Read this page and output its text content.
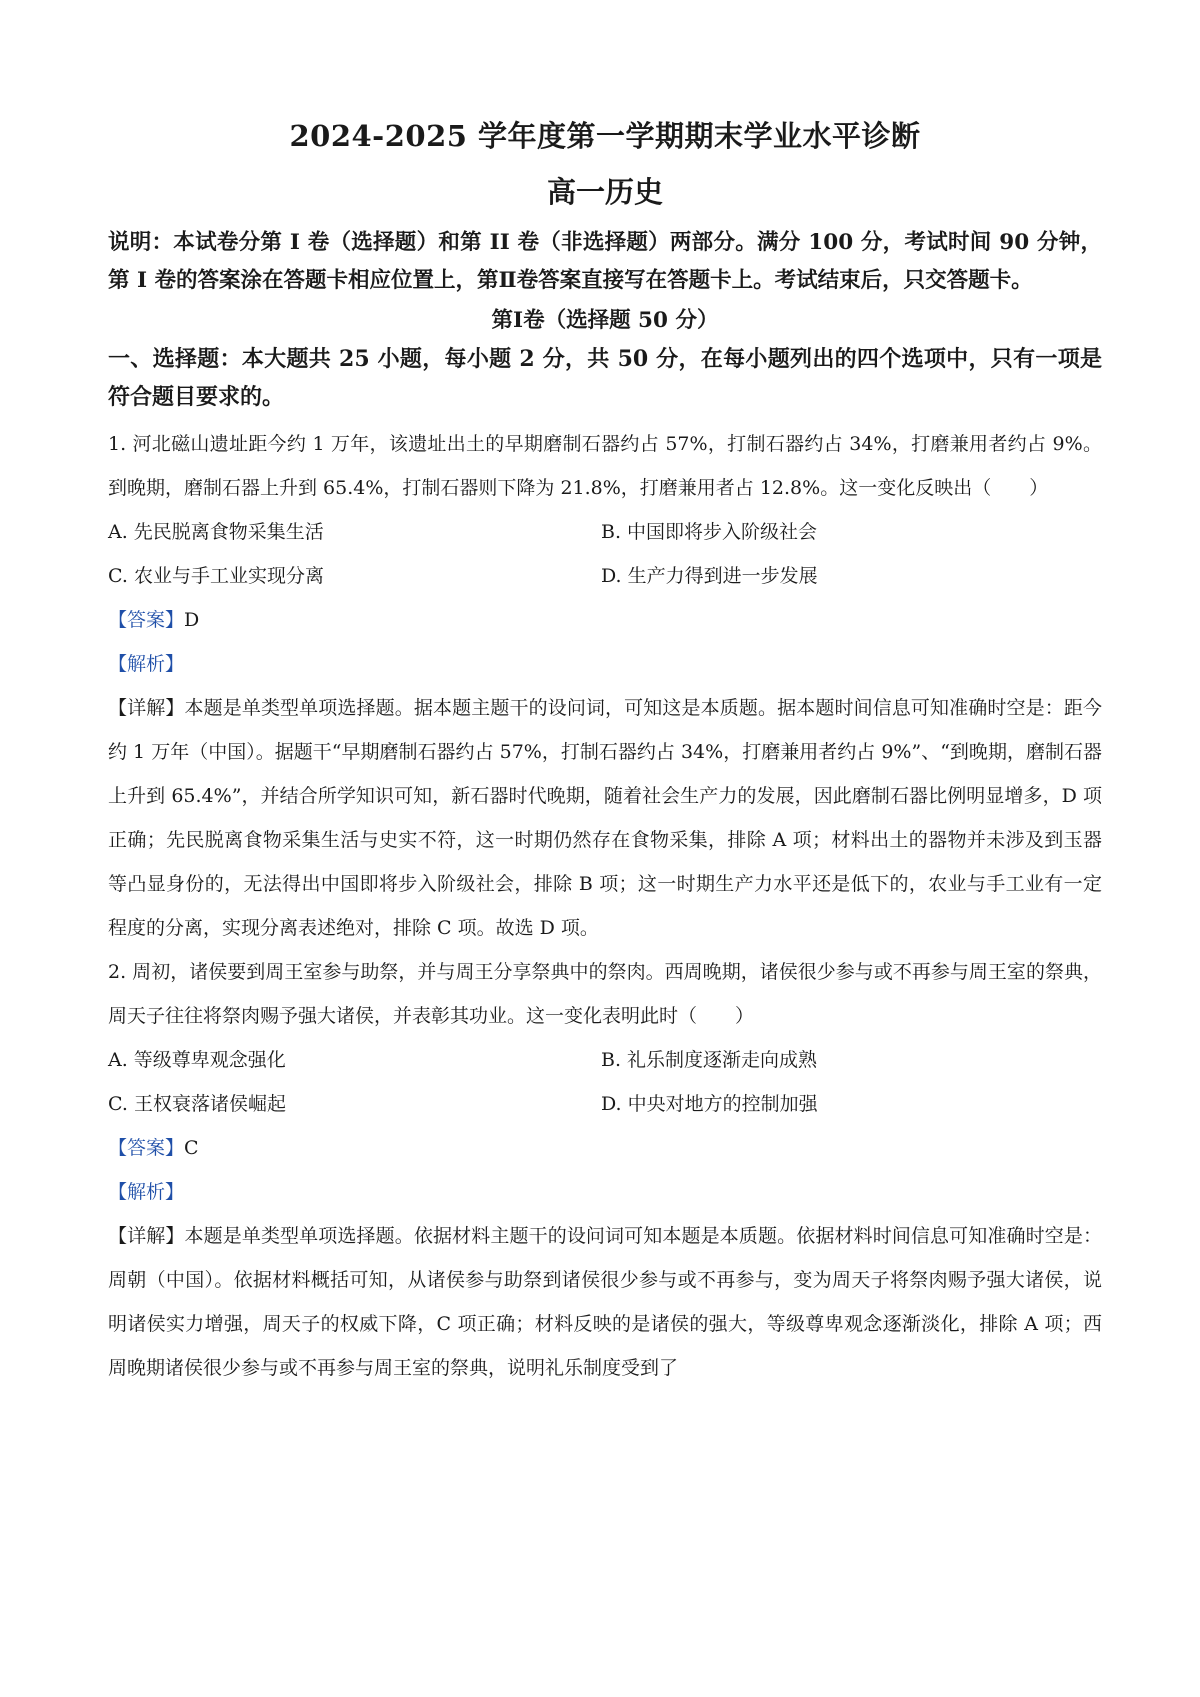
2024-2025 学年度第一学期期末学业水平诊断
高一历史

说明：本试卷分第 I 卷（选择题）和第 II 卷（非选择题）两部分。满分 100 分，考试时间 90 分钟，第 I 卷的答案涂在答题卡相应位置上，第Ⅱ卷答案直接写在答题卡上。考试结束后，只交答题卡。

第Ⅰ卷（选择题 50 分）

一、选择题：本大题共 25 小题，每小题 2 分，共 50 分，在每小题列出的四个选项中，只有一项是符合题目要求的。

1. 河北磁山遗址距今约 1 万年，该遗址出土的早期磨制石器约占 57%，打制石器约占 34%，打磨兼用者约占 9%。到晚期，磨制石器上升到 65.4%，打制石器则下降为 21.8%，打磨兼用者占 12.8%。这一变化反映出（　　）

A. 先民脱离食物采集生活	B. 中国即将步入阶级社会
C. 农业与手工业实现分离	D. 生产力得到进一步发展

【答案】D

【解析】

【详解】本题是单类型单项选择题。据本题主题干的设问词，可知这是本质题。据本题时间信息可知准确时空是：距今约 1 万年（中国）。据题干“早期磨制石器约占 57%，打制石器约占 34%，打磨兼用者约占 9%”、“到晚期，磨制石器上升到 65.4%”，并结合所学知识可知，新石器时代晚期，随着社会生产力的发展，因此磨制石器比例明显增多，D 项正确；先民脱离食物采集生活与史实不符，这一时期仍然存在食物采集，排除 A 项；材料出土的器物并未涉及到玉器等凸显身份的，无法得出中国即将步入阶级社会，排除 B 项；这一时期生产力水平还是低下的，农业与手工业有一定程度的分离，实现分离表述绝对，排除 C 项。故选 D 项。

2. 周初，诸侯要到周王室参与助祭，并与周王分享祭典中的祭肉。西周晚期，诸侯很少参与或不再参与周王室的祭典，周天子往往将祭肉赐予强大诸侯，并表彰其功业。这一变化表明此时（　　）

A. 等级尊卑观念强化	B. 礼乐制度逐渐走向成熟
C. 王权衰落诸侯崛起	D. 中央对地方的控制加强

【答案】C

【解析】

【详解】本题是单类型单项选择题。依据材料主题干的设问词可知本题是本质题。依据材料时间信息可知准确时空是：周朝（中国）。依据材料概括可知，从诸侯参与助祭到诸侯很少参与或不再参与，变为周天子将祭肉赐予强大诸侯，说明诸侯实力增强，周天子的权威下降，C 项正确；材料反映的是诸侯的强大，等级尊卑观念逐渐淡化，排除 A 项；西周晚期诸侯很少参与或不再参与周王室的祭典，说明礼乐制度受到了
